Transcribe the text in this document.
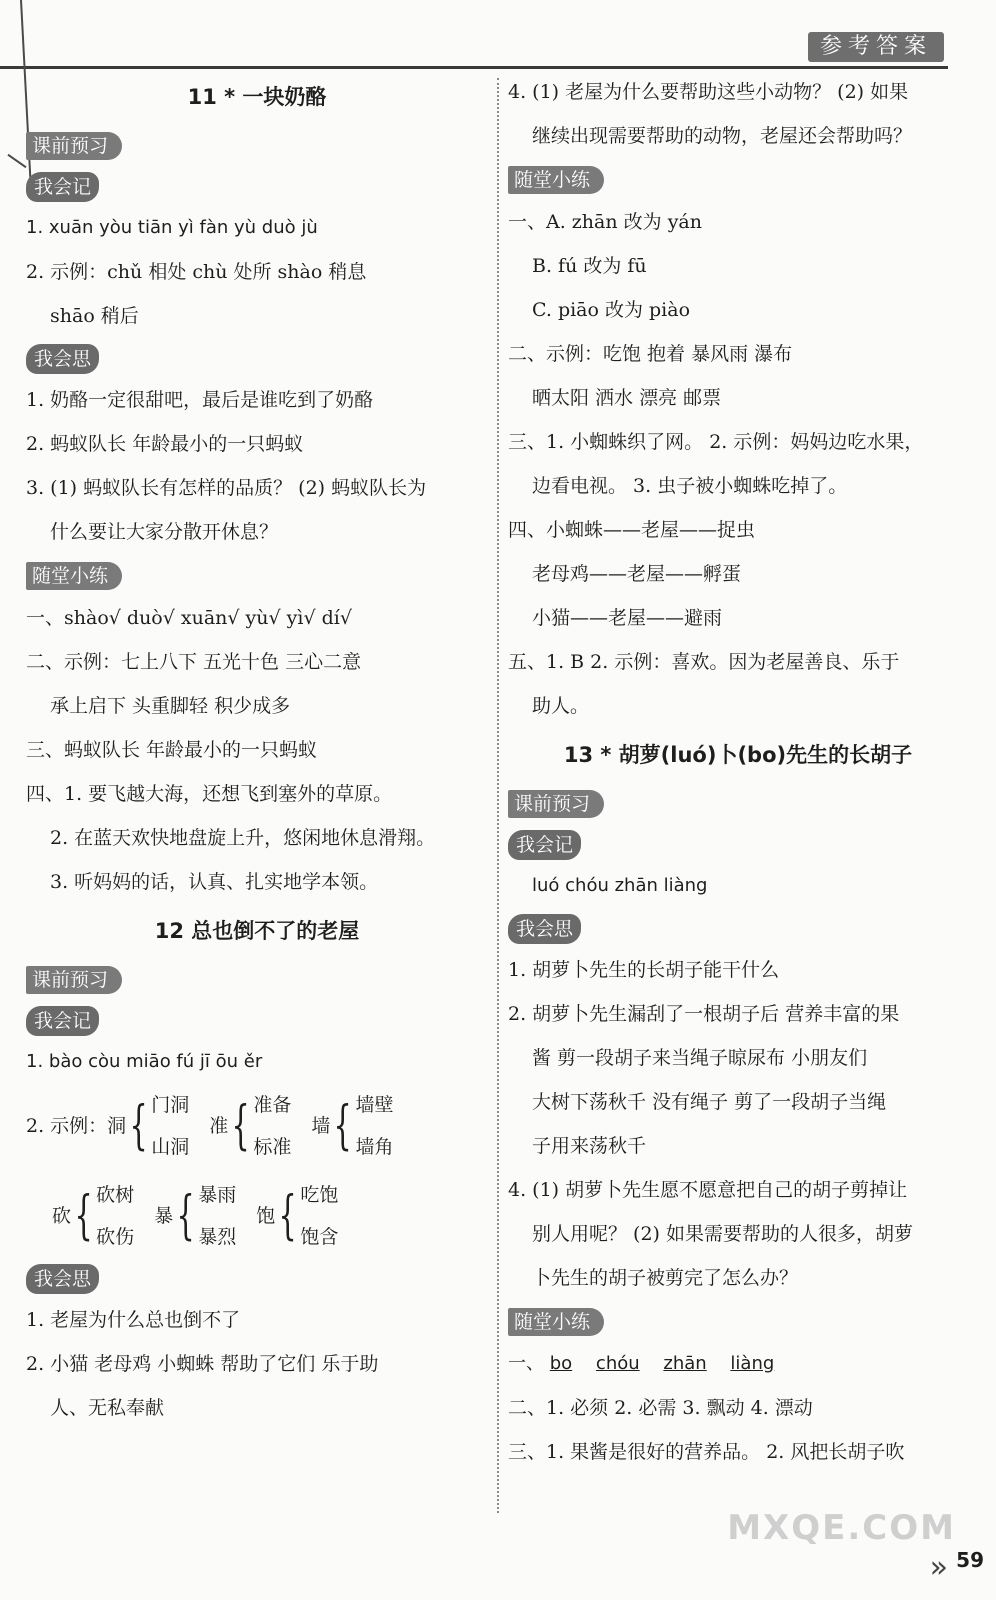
参考答案
11 * 一块奶酪
课前预习
我会记
1. xuān yòu tiān yì fàn yù duò jù
2. 示例：chǔ 相处 chù 处所 shào 稍息
shāo 稍后
我会思
1. 奶酪一定很甜吧，最后是谁吃到了奶酪
2. 蚂蚁队长 年龄最小的一只蚂蚁
3. (1) 蚂蚁队长有怎样的品质？ (2) 蚂蚁队长为
什么要让大家分散开休息？
随堂小练
一、shào√ duò√ xuān√ yù√ yì√ dí√
二、示例：七上八下 五光十色 三心二意
承上启下 头重脚轻 积少成多
三、蚂蚁队长 年龄最小的一只蚂蚁
四、1. 要飞越大海，还想飞到塞外的草原。
2. 在蓝天欢快地盘旋上升，悠闲地休息滑翔。
3. 听妈妈的话，认真、扎实地学本领。
12 总也倒不了的老屋
课前预习
我会记
1. bào còu miāo fú jī ōu ěr
2. 示例： 洞 { 门洞
山洞
准 { 准备
标准
墙 { 墙壁
墙角
砍 { 砍树
砍伤
暴 { 暴雨
暴烈
饱 { 吃饱
饱含
我会思
1. 老屋为什么总也倒不了
2. 小猫 老母鸡 小蜘蛛 帮助了它们 乐于助
人、无私奉献
4. (1) 老屋为什么要帮助这些小动物？ (2) 如果
继续出现需要帮助的动物，老屋还会帮助吗？
随堂小练
一、A. zhān 改为 yán
B. fú 改为 fū
C. piāo 改为 piào
二、示例：吃饱 抱着 暴风雨 瀑布
晒太阳 洒水 漂亮 邮票
三、1. 小蜘蛛织了网。 2. 示例：妈妈边吃水果，
边看电视。 3. 虫子被小蜘蛛吃掉了。
四、小蜘蛛——老屋——捉虫
老母鸡——老屋——孵蛋
小猫——老屋——避雨
五、1. B 2. 示例：喜欢。因为老屋善良、乐于
助人。
13 * 胡萝(luó)卜(bo)先生的长胡子
课前预习
我会记
luó chóu zhān liàng
我会思
1. 胡萝卜先生的长胡子能干什么
2. 胡萝卜先生漏刮了一根胡子后 营养丰富的果
酱 剪一段胡子来当绳子晾尿布 小朋友们
大树下荡秋千 没有绳子 剪了一段胡子当绳
子用来荡秋千
4. (1) 胡萝卜先生愿不愿意把自己的胡子剪掉让
别人用呢？ (2) 如果需要帮助的人很多，胡萝
卜先生的胡子被剪完了怎么办？
随堂小练
一、 bo chóu zhān liàng
二、1. 必须 2. 必需 3. 飘动 4. 漂动
三、1. 果酱是很好的营养品。 2. 风把长胡子吹
MXQE.COM
» 59
